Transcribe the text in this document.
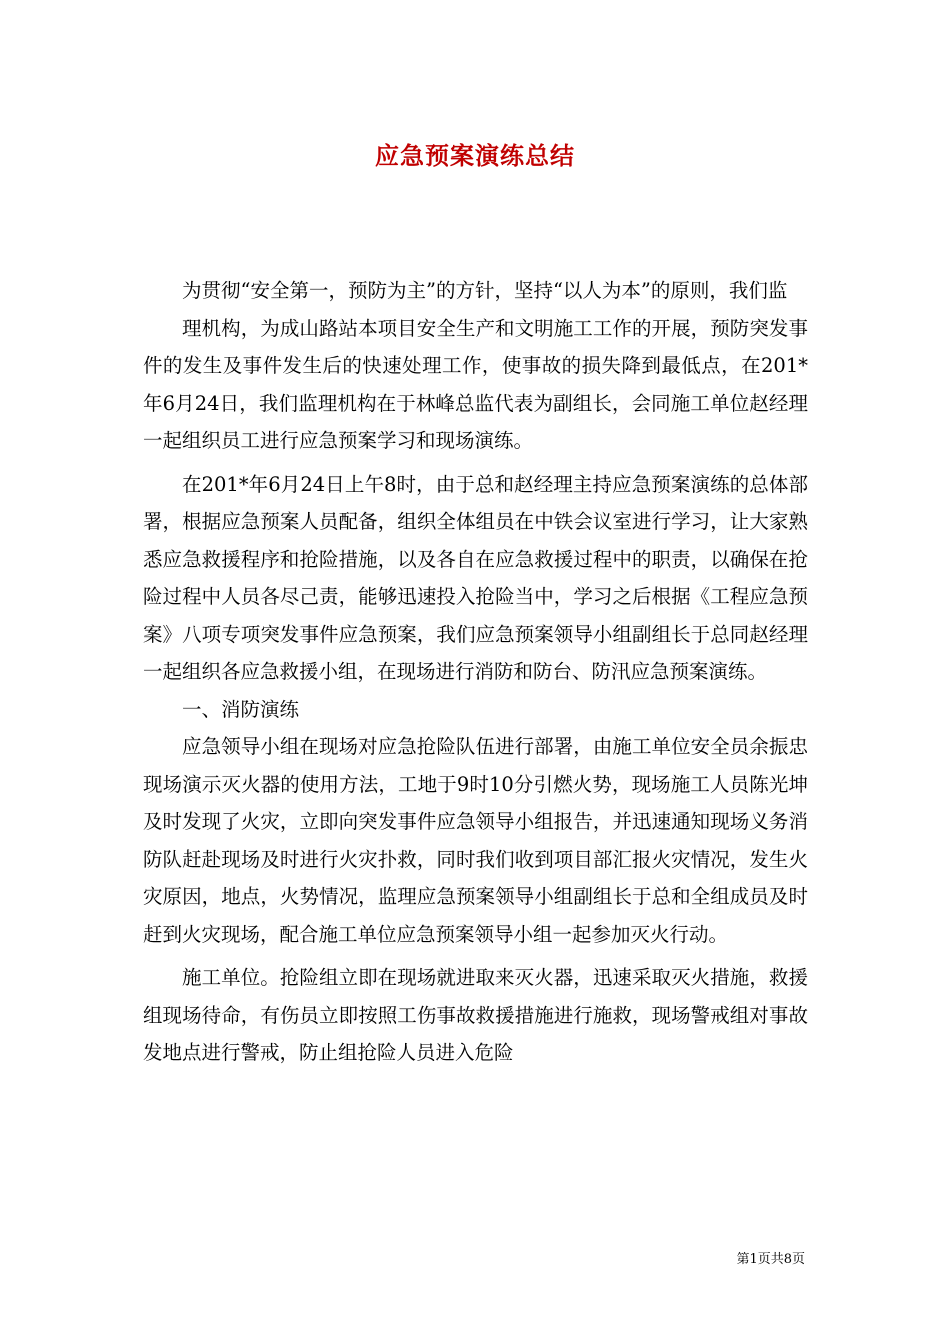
应急预案演练总结

为贯彻“安全第一，预防为主”的方针，坚持“以人为本”的原则，我们监

理机构，为成山路站本项目安全生产和文明施工工作的开展，预防突发事件的发生及事件发生后的快速处理工作，使事故的损失降到最低点，在201*年6月24日，我们监理机构在于林峰总监代表为副组长，会同施工单位赵经理一起组织员工进行应急预案学习和现场演练。

在201*年6月24日上午8时，由于总和赵经理主持应急预案演练的总体部署，根据应急预案人员配备，组织全体组员在中铁会议室进行学习，让大家熟悉应急救援程序和抢险措施，以及各自在应急救援过程中的职责，以确保在抢险过程中人员各尽己责，能够迅速投入抢险当中，学习之后根据《工程应急预案》八项专项突发事件应急预案，我们应急预案领导小组副组长于总同赵经理一起组织各应急救援小组，在现场进行消防和防台、防汛应急预案演练。

一、消防演练

应急领导小组在现场对应急抢险队伍进行部署，由施工单位安全员余振忠现场演示灭火器的使用方法，工地于9时10分引燃火势，现场施工人员陈光坤及时发现了火灾，立即向突发事件应急领导小组报告，并迅速通知现场义务消防队赶赴现场及时进行火灾扑救，同时我们收到项目部汇报火灾情况，发生火灾原因，地点，火势情况，监理应急预案领导小组副组长于总和全组成员及时赶到火灾现场，配合施工单位应急预案领导小组一起参加灭火行动。

施工单位。抢险组立即在现场就进取来灭火器，迅速采取灭火措施，救援组现场待命，有伤员立即按照工伤事故救援措施进行施救，现场警戒组对事故发地点进行警戒，防止组抢险人员进入危险

第1页共8页
